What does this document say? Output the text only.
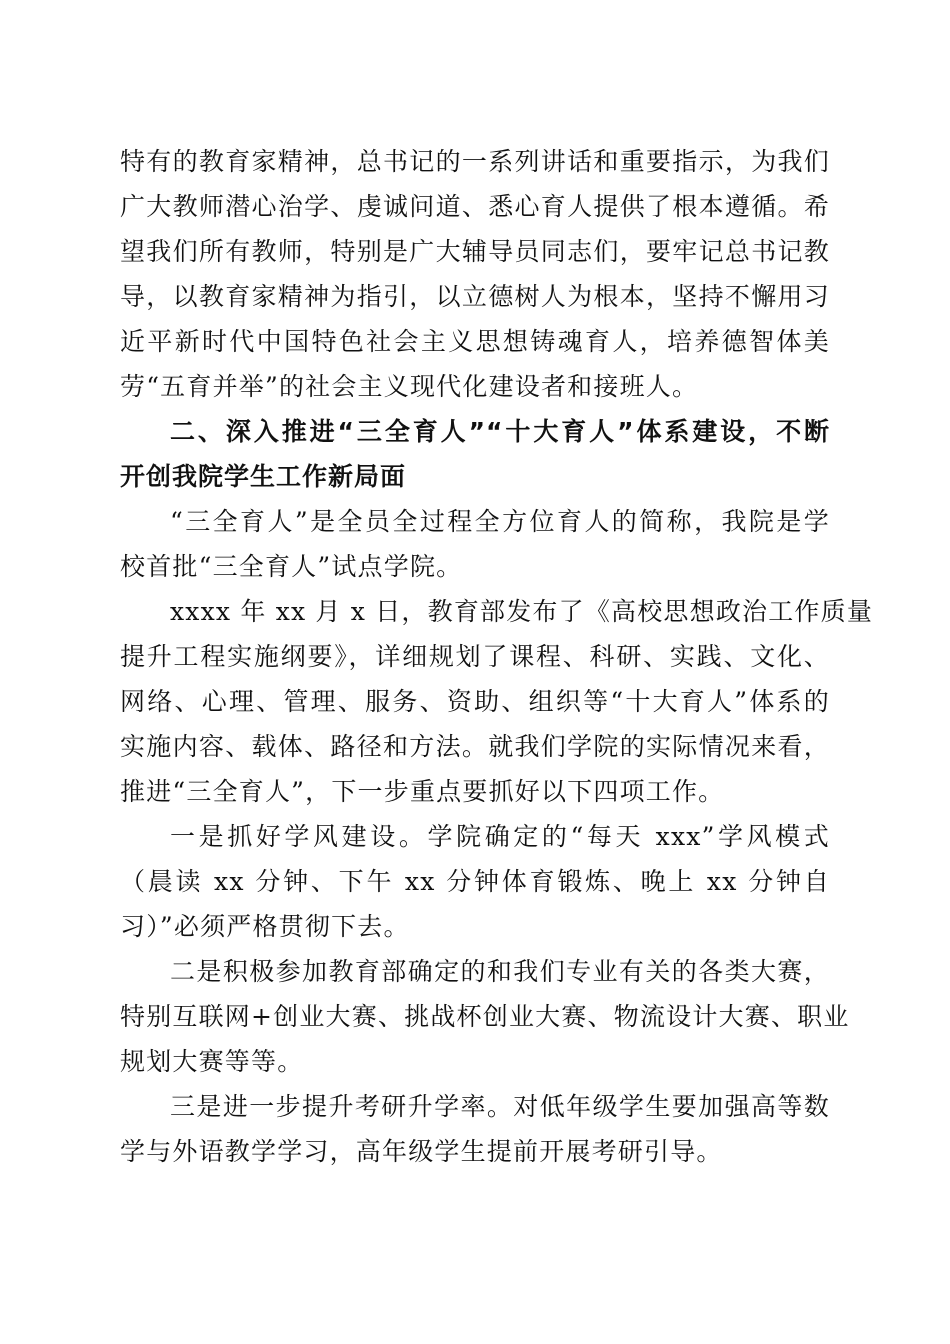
特有的教育家精神，总书记的一系列讲话和重要指示，为我们
广大教师潜心治学、虔诚问道、悉心育人提供了根本遵循。希
望我们所有教师，特别是广大辅导员同志们，要牢记总书记教
导，以教育家精神为指引，以立德树人为根本，坚持不懈用习
近平新时代中国特色社会主义思想铸魂育人，培养德智体美
劳“五育并举”的社会主义现代化建设者和接班人。
二、深入推进“三全育人”“十大育人”体系建设，不断
开创我院学生工作新局面
“三全育人”是全员全过程全方位育人的简称，我院是学
校首批“三全育人”试点学院。
xxxx 年 xx 月 x 日，教育部发布了《高校思想政治工作质量
提升工程实施纲要》，详细规划了课程、科研、实践、文化、
网络、心理、管理、服务、资助、组织等“十大育人”体系的
实施内容、载体、路径和方法。就我们学院的实际情况来看，
推进“三全育人”，下一步重点要抓好以下四项工作。
一是抓好学风建设。学院确定的“每天 xxx”学风模式
（晨读 xx 分钟、下午 xx 分钟体育锻炼、晚上 xx 分钟自
习）”必须严格贯彻下去。
二是积极参加教育部确定的和我们专业有关的各类大赛，
特别互联网+创业大赛、挑战杯创业大赛、物流设计大赛、职业
规划大赛等等。
三是进一步提升考研升学率。对低年级学生要加强高等数
学与外语教学学习，高年级学生提前开展考研引导。
